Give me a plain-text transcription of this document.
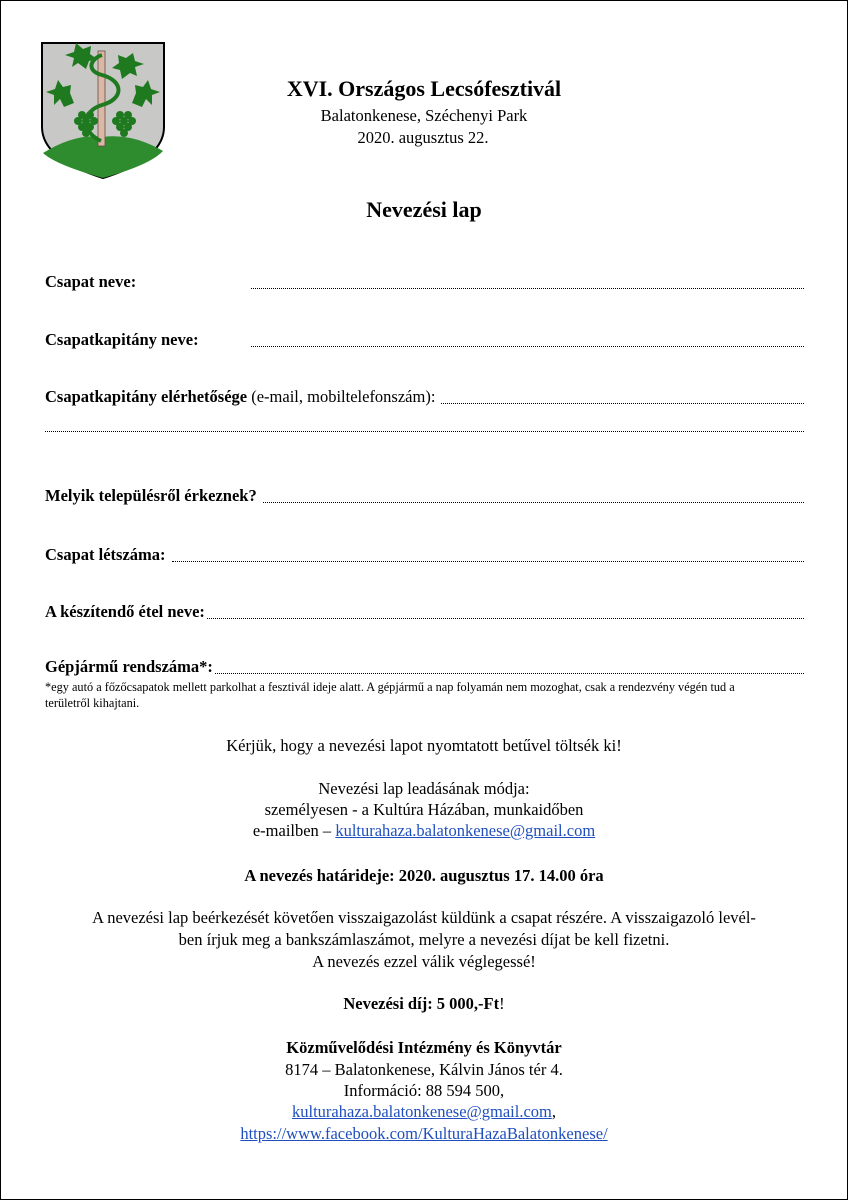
XVI. Országos Lecsófesztivál
Balatonkenese, Széchenyi Park
2020. augusztus 22.
Nevezési lap
Csapat neve:
Csapatkapitány neve:
Csapatkapitány elérhetősége (e-mail, mobiltelefonszám):
Melyik településről érkeznek?
Csapat létszáma:
A készítendő étel neve:
Gépjármű rendszáma*:
*egy autó a főzőcsapatok mellett parkolhat a fesztivál ideje alatt. A gépjármű a nap folyamán nem mozoghat, csak a rendezvény végén tud a területről kihajtani.
Kérjük, hogy a nevezési lapot nyomtatott betűvel töltsék ki!
Nevezési lap leadásának módja:
személyesen - a Kultúra Házában, munkaidőben
e-mailben – kulturahaza.balatonkenese@gmail.com
A nevezés határideje: 2020. augusztus 17. 14.00 óra
A nevezési lap beérkezését követően visszaigazolást küldünk a csapat részére. A visszaigazoló levél-
ben írjuk meg a bankszámlaszámot, melyre a nevezési díjat be kell fizetni.
A nevezés ezzel válik véglegessé!
Nevezési díj: 5 000,-Ft!
Közművelődési Intézmény és Könyvtár
8174 – Balatonkenese, Kálvin János tér 4.
Információ: 88 594 500,
kulturahaza.balatonkenese@gmail.com,
https://www.facebook.com/KulturaHazaBalatonkenese/
